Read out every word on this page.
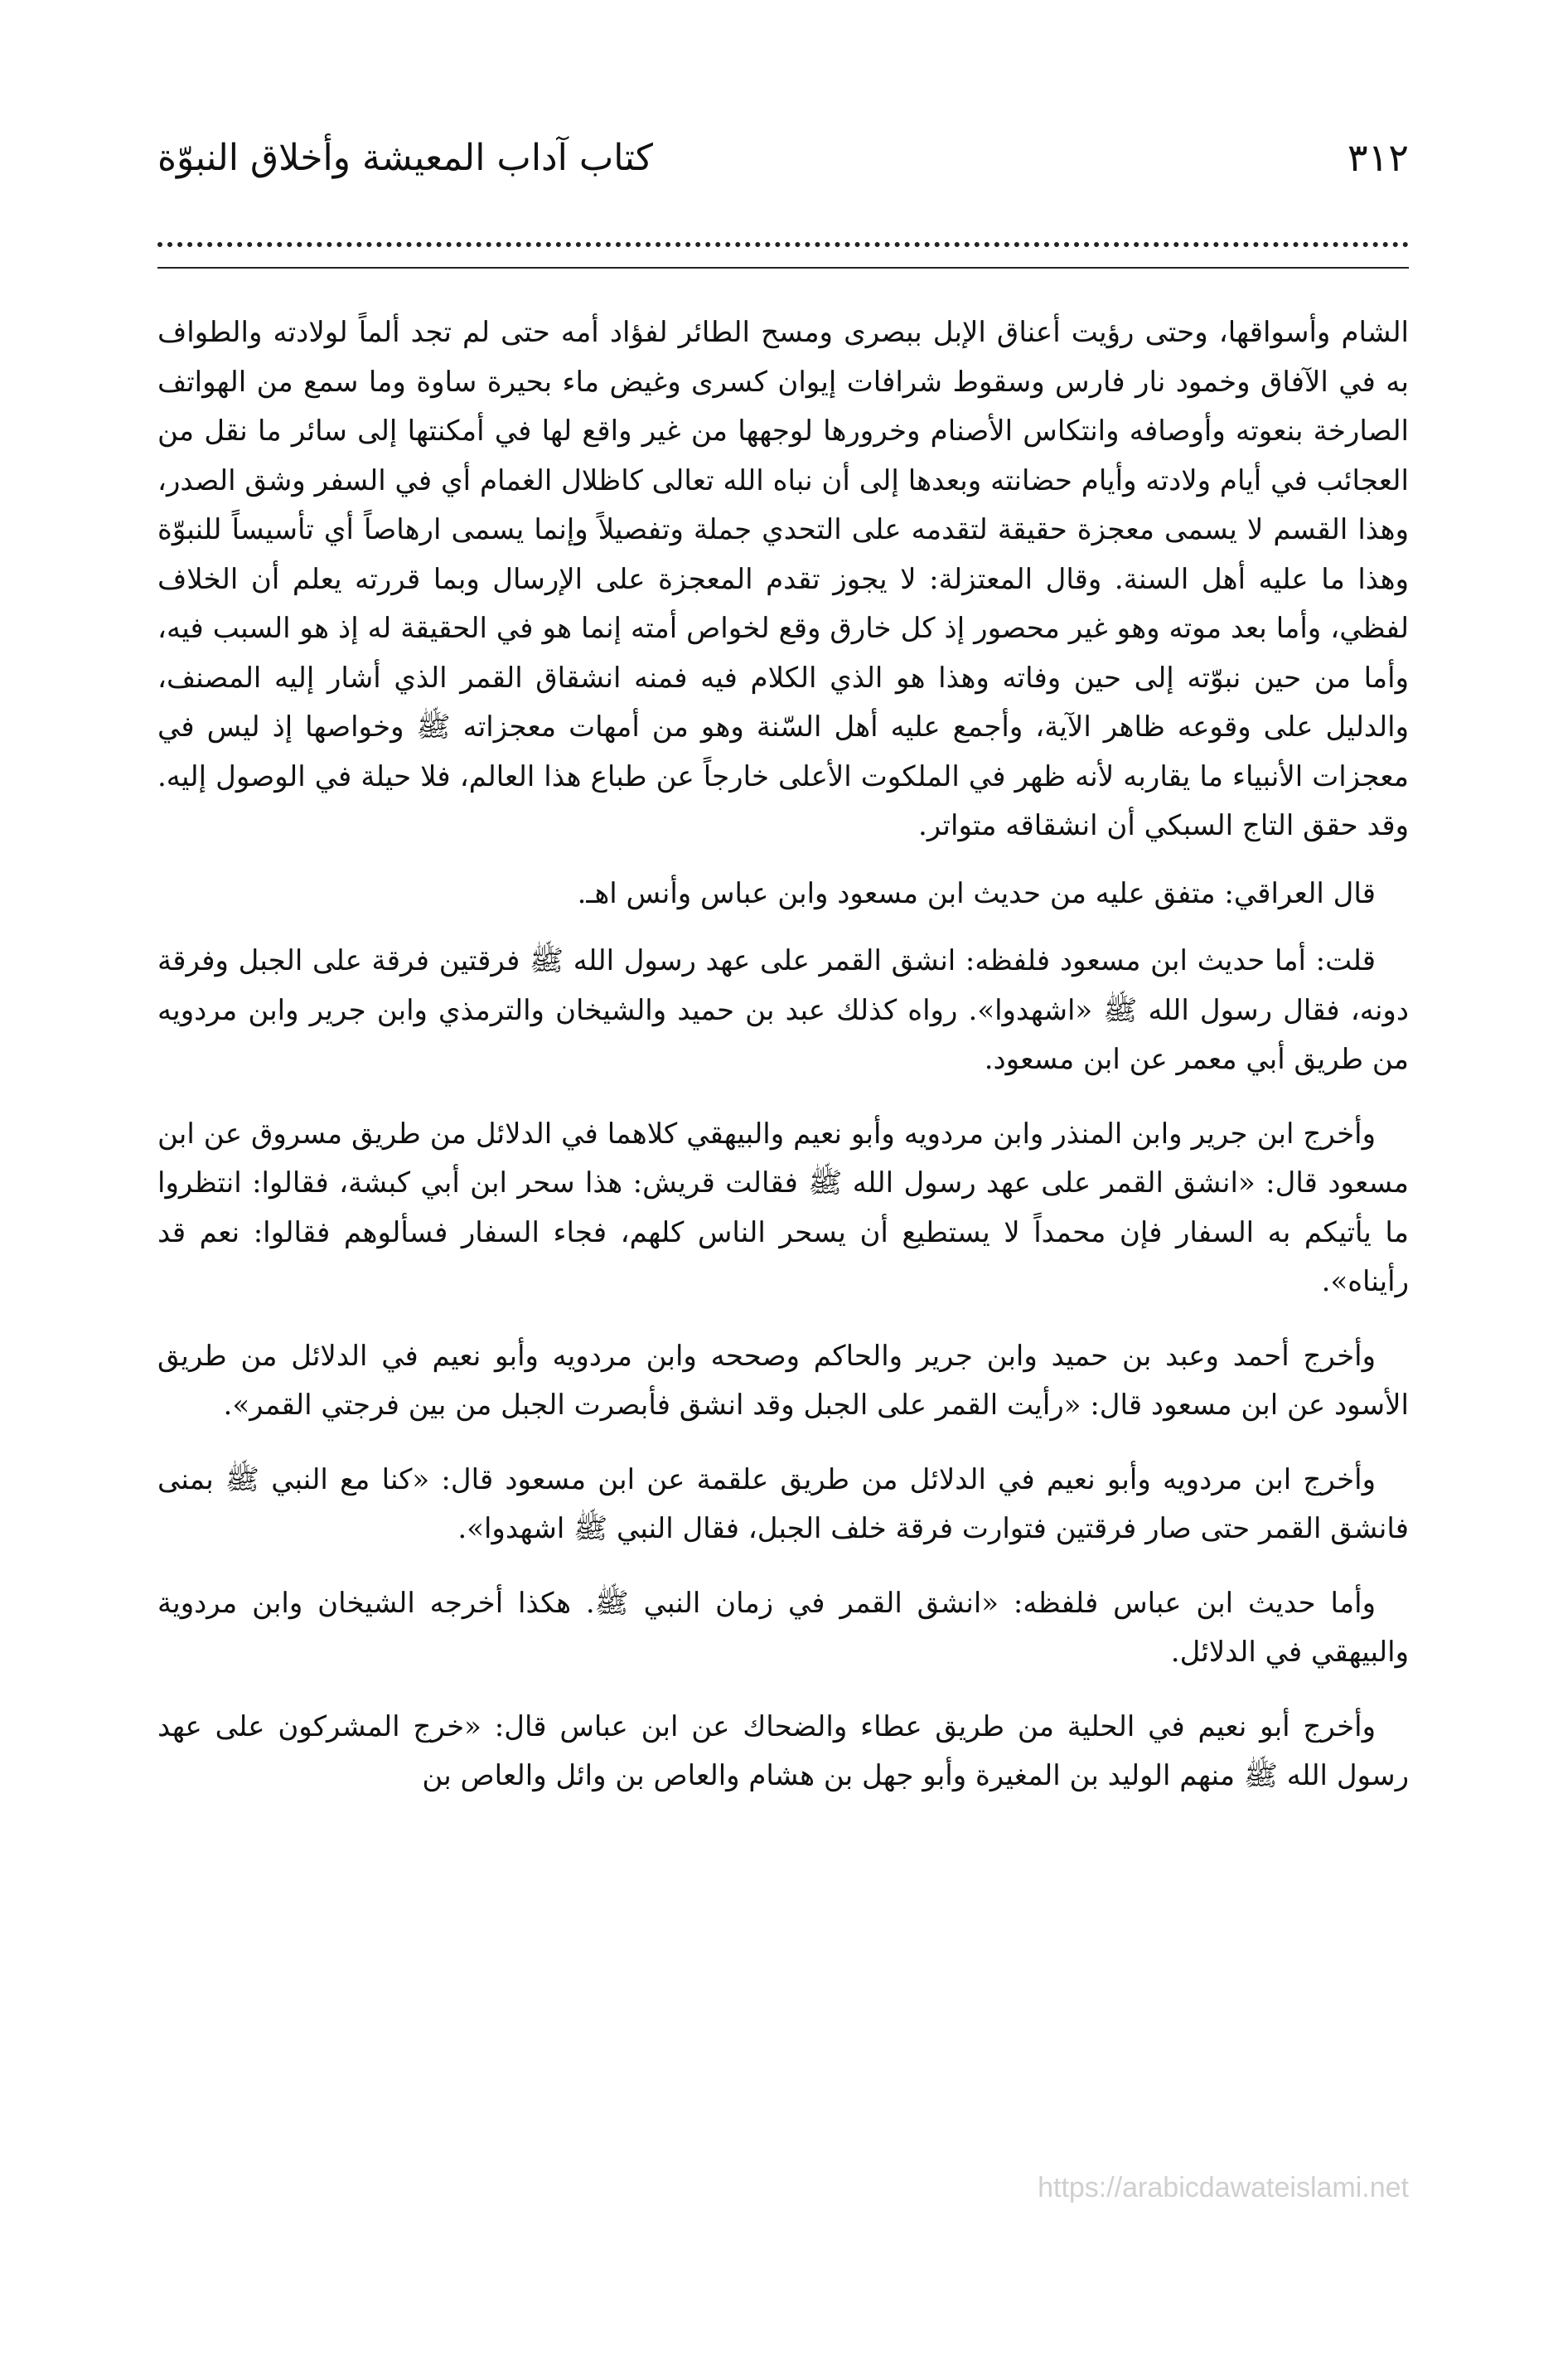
٣١٢
كتاب آداب المعيشة وأخلاق النبوّة

الشام وأسواقها، وحتى رؤيت أعناق الإبل ببصرى ومسح الطائر لفؤاد أمه حتى لم تجد ألماً لولادته والطواف به في الآفاق وخمود نار فارس وسقوط شرافات إيوان كسرى وغيض ماء بحيرة ساوة وما سمع من الهواتف الصارخة بنعوته وأوصافه وانتكاس الأصنام وخرورها لوجهها من غير واقع لها في أمكنتها إلى سائر ما نقل من العجائب في أيام ولادته وأيام حضانته وبعدها إلى أن نباه الله تعالى كاظلال الغمام أي في السفر وشق الصدر، وهذا القسم لا يسمى معجزة حقيقة لتقدمه على التحدي جملة وتفصيلاً وإنما يسمى ارهاصاً أي تأسيساً للنبوّة وهذا ما عليه أهل السنة. وقال المعتزلة: لا يجوز تقدم المعجزة على الإرسال وبما قررته يعلم أن الخلاف لفظي، وأما بعد موته وهو غير محصور إذ كل خارق وقع لخواص أمته إنما هو في الحقيقة له إذ هو السبب فيه، وأما من حين نبوّته إلى حين وفاته وهذا هو الذي الكلام فيه فمنه انشقاق القمر الذي أشار إليه المصنف، والدليل على وقوعه ظاهر الآية، وأجمع عليه أهل السّنة وهو من أمهات معجزاته ﷺ وخواصها إذ ليس في معجزات الأنبياء ما يقاربه لأنه ظهر في الملكوت الأعلى خارجاً عن طباع هذا العالم، فلا حيلة في الوصول إليه. وقد حقق التاج السبكي أن انشقاقه متواتر.

قال العراقي: متفق عليه من حديث ابن مسعود وابن عباس وأنس اهـ.

قلت: أما حديث ابن مسعود فلفظه: انشق القمر على عهد رسول الله ﷺ فرقتين فرقة على الجبل وفرقة دونه، فقال رسول الله ﷺ «اشهدوا». رواه كذلك عبد بن حميد والشيخان والترمذي وابن جرير وابن مردويه من طريق أبي معمر عن ابن مسعود.

وأخرج ابن جرير وابن المنذر وابن مردويه وأبو نعيم والبيهقي كلاهما في الدلائل من طريق مسروق عن ابن مسعود قال: «انشق القمر على عهد رسول الله ﷺ فقالت قريش: هذا سحر ابن أبي كبشة، فقالوا: انتظروا ما يأتيكم به السفار فإن محمداً لا يستطيع أن يسحر الناس كلهم، فجاء السفار فسألوهم فقالوا: نعم قد رأيناه».

وأخرج أحمد وعبد بن حميد وابن جرير والحاكم وصححه وابن مردويه وأبو نعيم في الدلائل من طريق الأسود عن ابن مسعود قال: «رأيت القمر على الجبل وقد انشق فأبصرت الجبل من بين فرجتي القمر».

وأخرج ابن مردويه وأبو نعيم في الدلائل من طريق علقمة عن ابن مسعود قال: «كنا مع النبي ﷺ بمنى فانشق القمر حتى صار فرقتين فتوارت فرقة خلف الجبل، فقال النبي ﷺ اشهدوا».

وأما حديث ابن عباس فلفظه: «انشق القمر في زمان النبي ﷺ. هكذا أخرجه الشيخان وابن مردوية والبيهقي في الدلائل.

وأخرج أبو نعيم في الحلية من طريق عطاء والضحاك عن ابن عباس قال: «خرج المشركون على عهد رسول الله ﷺ منهم الوليد بن المغيرة وأبو جهل بن هشام والعاص بن وائل والعاص بن

https://arabicdawateislami.net
